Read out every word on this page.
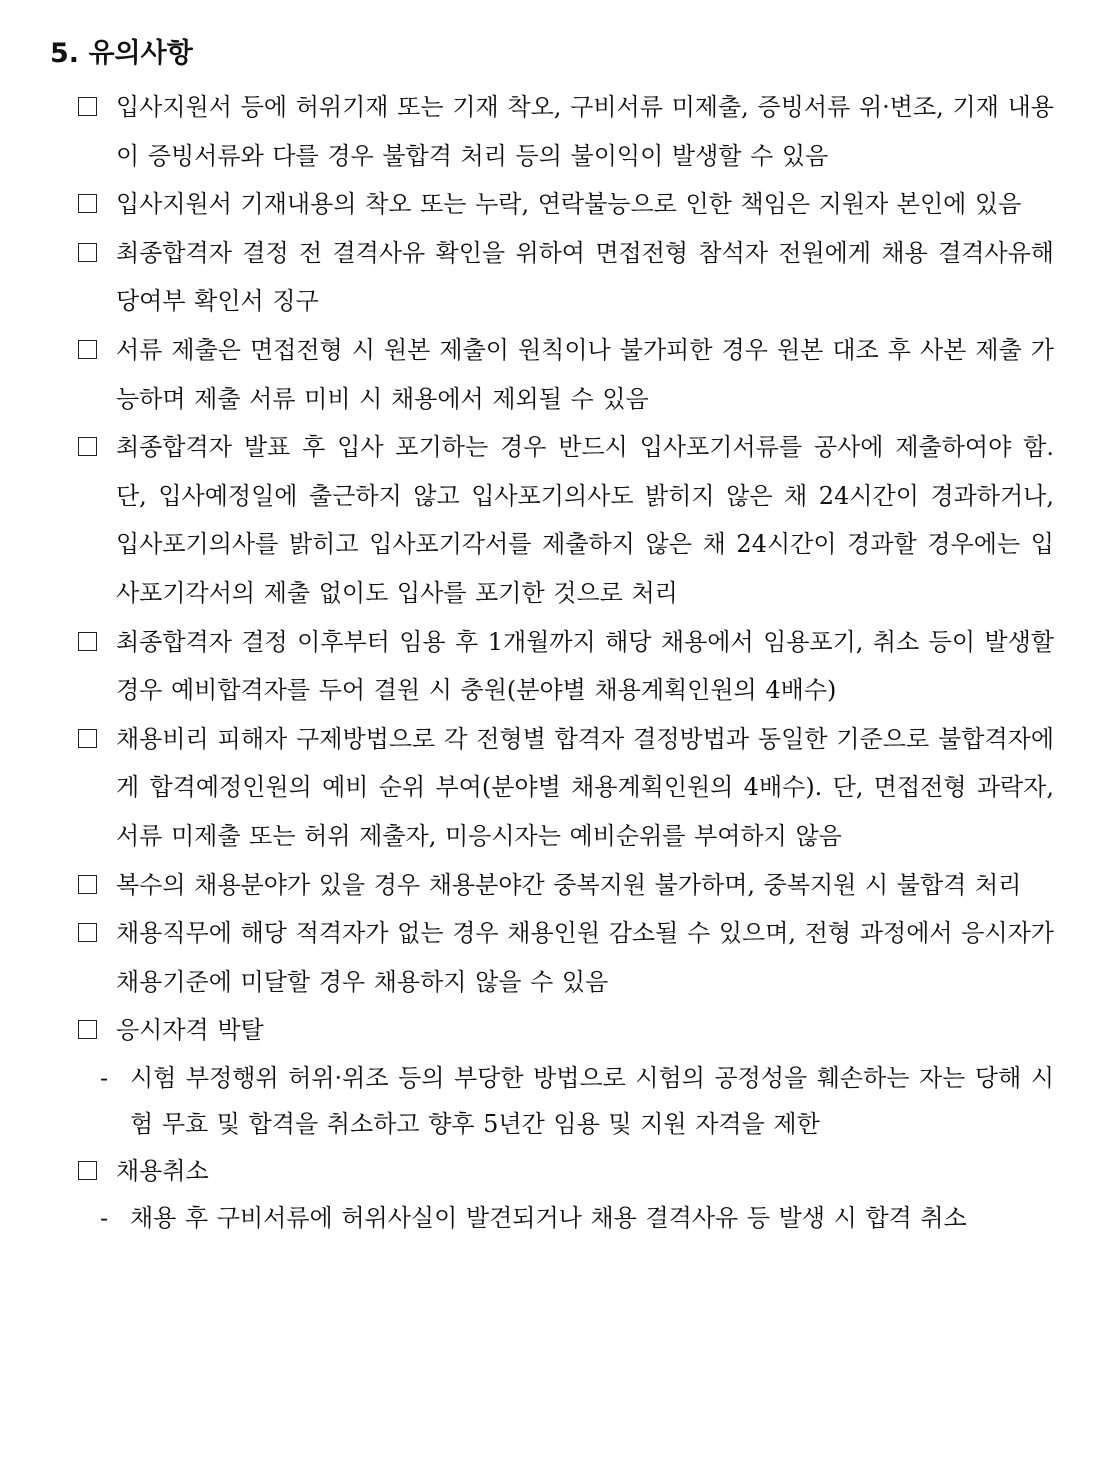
5. 유의사항

입사지원서 등에 허위기재 또는 기재 착오, 구비서류 미제출, 증빙서류 위·변조, 기재 내용이 증빙서류와 다를 경우 불합격 처리 등의 불이익이 발생할 수 있음

입사지원서 기재내용의 착오 또는 누락, 연락불능으로 인한 책임은 지원자 본인에 있음

최종합격자 결정 전 결격사유 확인을 위하여 면접전형 참석자 전원에게 채용 결격사유해당여부 확인서 징구

서류 제출은 면접전형 시 원본 제출이 원칙이나 불가피한 경우 원본 대조 후 사본 제출 가능하며 제출 서류 미비 시 채용에서 제외될 수 있음

최종합격자 발표 후 입사 포기하는 경우 반드시 입사포기서류를 공사에 제출하여야 함. 단, 입사예정일에 출근하지 않고 입사포기의사도 밝히지 않은 채 24시간이 경과하거나, 입사포기의사를 밝히고 입사포기각서를 제출하지 않은 채 24시간이 경과할 경우에는 입사포기각서의 제출 없이도 입사를 포기한 것으로 처리

최종합격자 결정 이후부터 임용 후 1개월까지 해당 채용에서 임용포기, 취소 등이 발생할 경우 예비합격자를 두어 결원 시 충원(분야별 채용계획인원의 4배수)

채용비리 피해자 구제방법으로 각 전형별 합격자 결정방법과 동일한 기준으로 불합격자에게 합격예정인원의 예비 순위 부여(분야별 채용계획인원의 4배수). 단, 면접전형 과락자, 서류 미제출 또는 허위 제출자, 미응시자는 예비순위를 부여하지 않음

복수의 채용분야가 있을 경우 채용분야간 중복지원 불가하며, 중복지원 시 불합격 처리

채용직무에 해당 적격자가 없는 경우 채용인원 감소될 수 있으며, 전형 과정에서 응시자가 채용기준에 미달할 경우 채용하지 않을 수 있음

응시자격 박탈

- 시험 부정행위 허위·위조 등의 부당한 방법으로 시험의 공정성을 훼손하는 자는 당해 시험 무효 및 합격을 취소하고 향후 5년간 임용 및 지원 자격을 제한

채용취소

- 채용 후 구비서류에 허위사실이 발견되거나 채용 결격사유 등 발생 시 합격 취소
